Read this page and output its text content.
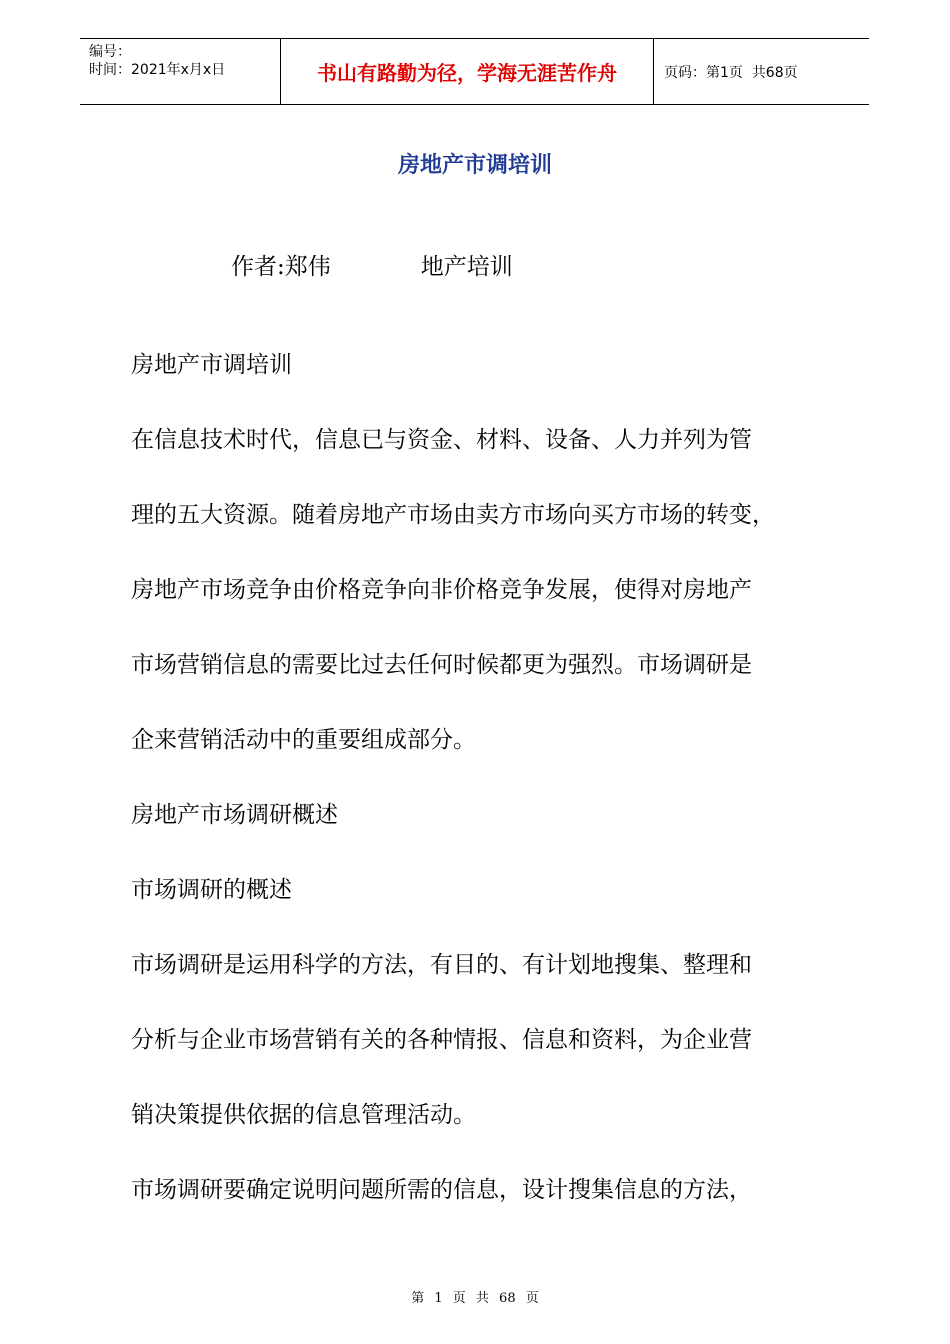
编号：
时间：2021年x月x日	书山有路勤为径，学海无涯苦作舟	页码：第1页  共68页
房地产市调培训
作者:郑伟	地产培训
房地产市调培训
在信息技术时代，信息已与资金、材料、设备、人力并列为管
理的五大资源。随着房地产市场由卖方市场向买方市场的转变，
房地产市场竞争由价格竞争向非价格竞争发展，使得对房地产
市场营销信息的需要比过去任何时候都更为强烈。市场调研是
企来营销活动中的重要组成部分。
房地产市场调研概述
市场调研的概述
市场调研是运用科学的方法，有目的、有计划地搜集、整理和
分析与企业市场营销有关的各种情报、信息和资料，为企业营
销决策提供依据的信息管理活动。
市场调研要确定说明问题所需的信息，设计搜集信息的方法，
第 1 页 共 68 页
